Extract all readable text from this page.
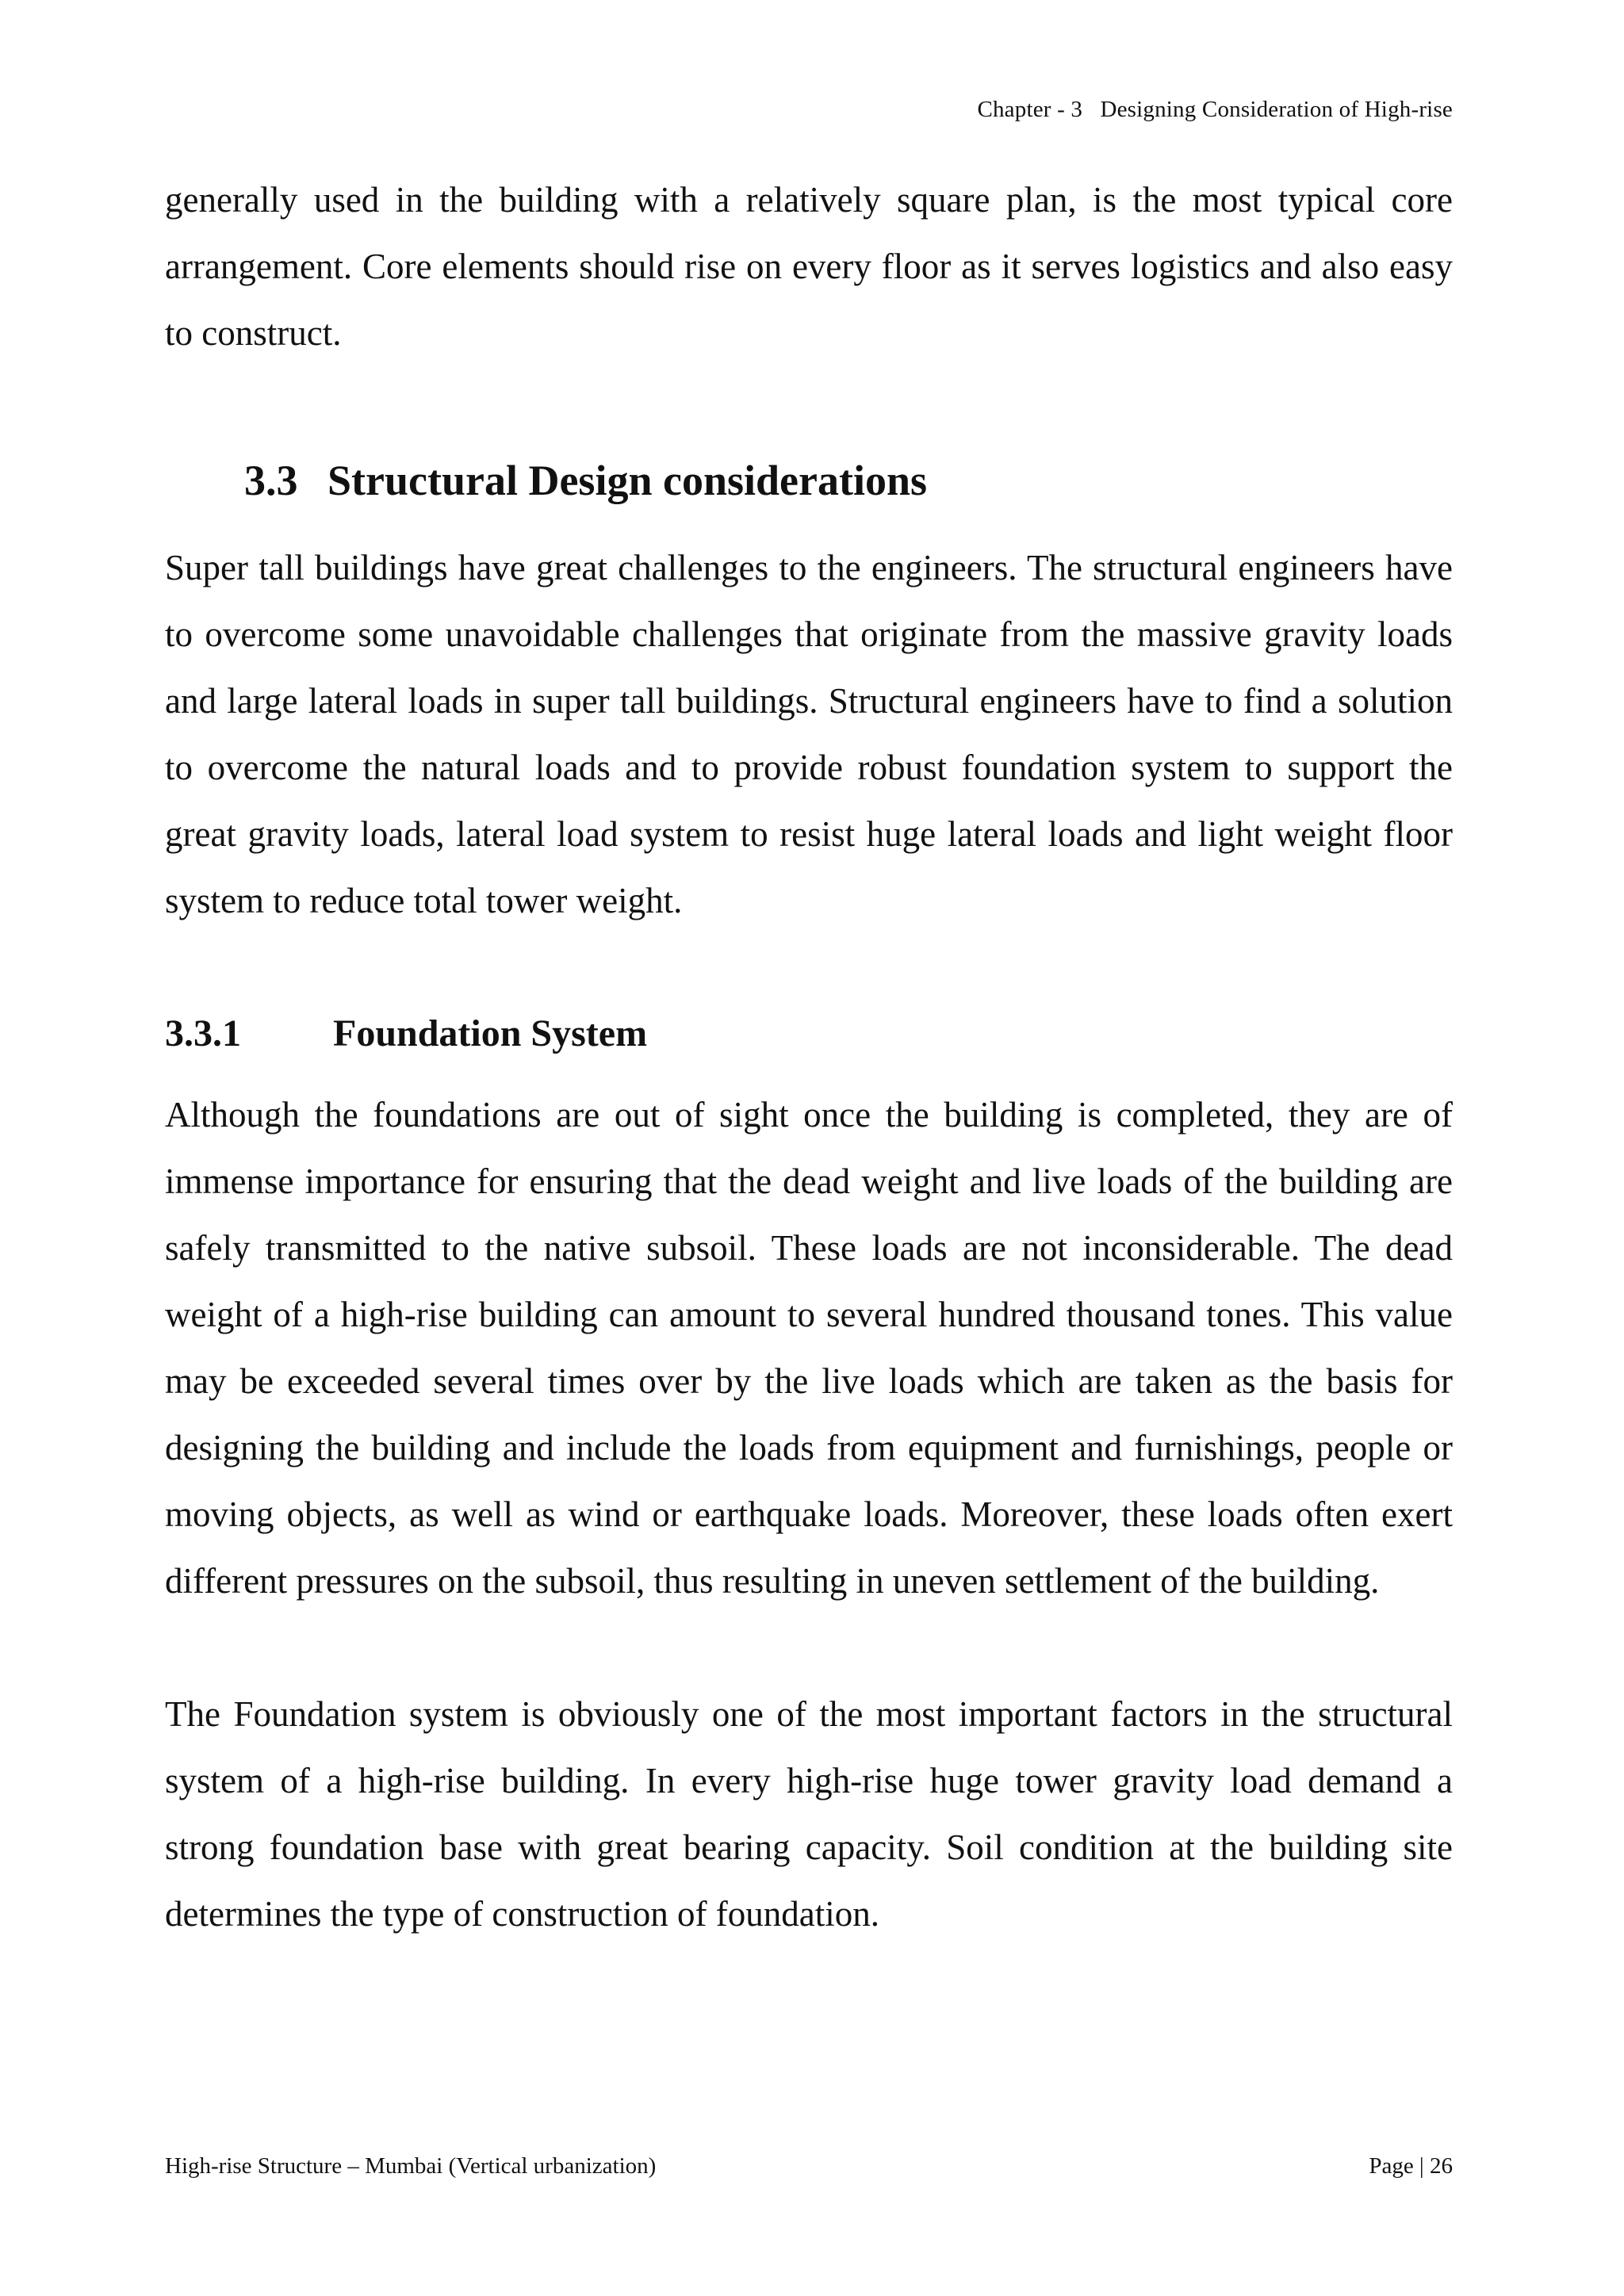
Chapter - 3   Designing Consideration of High-rise

generally used in the building with a relatively square plan, is the most typical core arrangement. Core elements should rise on every floor as it serves logistics and also easy to construct.

3.3 Structural Design considerations

Super tall buildings have great challenges to the engineers. The structural engineers have to overcome some unavoidable challenges that originate from the massive gravity loads and large lateral loads in super tall buildings. Structural engineers have to find a solution to overcome the natural loads and to provide robust foundation system to support the great gravity loads, lateral load system to resist huge lateral loads and light weight floor system to reduce total tower weight.

3.3.1 Foundation System

Although the foundations are out of sight once the building is completed, they are of immense importance for ensuring that the dead weight and live loads of the building are safely transmitted to the native subsoil. These loads are not inconsiderable. The dead weight of a high-rise building can amount to several hundred thousand tones. This value may be exceeded several times over by the live loads which are taken as the basis for designing the building and include the loads from equipment and furnishings, people or moving objects, as well as wind or earthquake loads. Moreover, these loads often exert different pressures on the subsoil, thus resulting in uneven settlement of the building.

The Foundation system is obviously one of the most important factors in the structural system of a high-rise building. In every high-rise huge tower gravity load demand a strong foundation base with great bearing capacity. Soil condition at the building site determines the type of construction of foundation.

High-rise Structure – Mumbai (Vertical urbanization)	Page | 26
